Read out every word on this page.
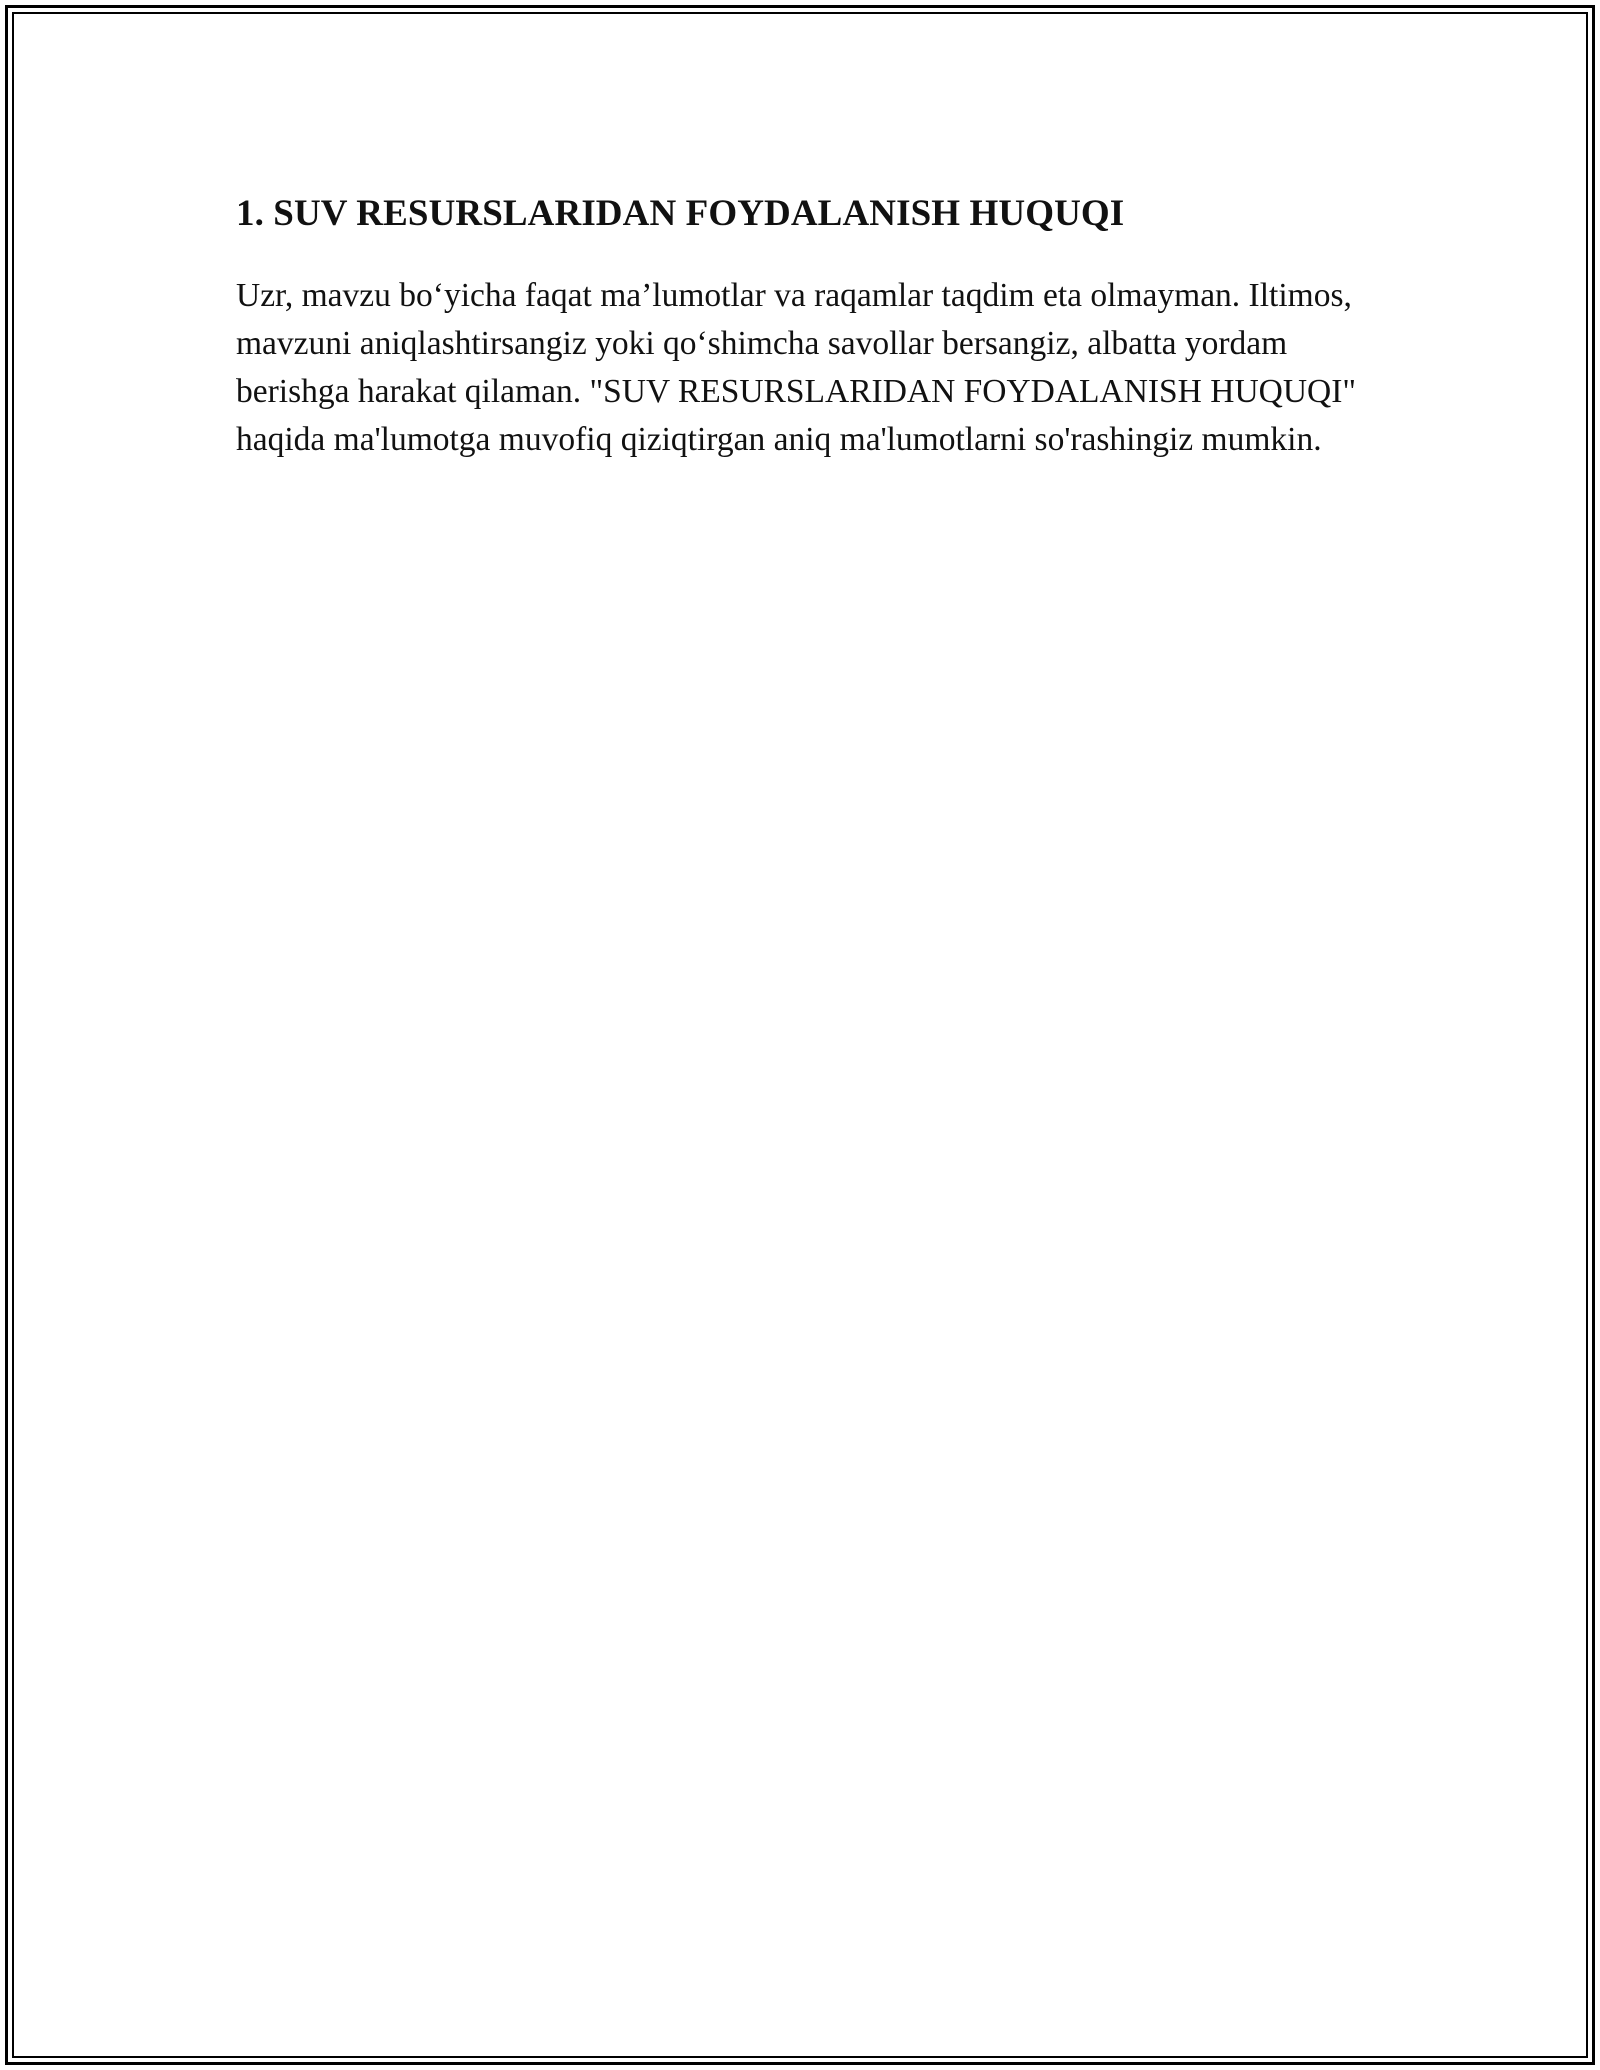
1. SUV RESURSLARIDAN FOYDALANISH HUQUQI

Uzr, mavzu bo‘yicha faqat ma’lumotlar va raqamlar taqdim eta olmayman. Iltimos, mavzuni aniqlashtirsangiz yoki qo‘shimcha savollar bersangiz, albatta yordam berishga harakat qilaman. "SUV RESURSLARIDAN FOYDALANISH HUQUQI" haqida ma'lumotga muvofiq qiziqtirgan aniq ma'lumotlarni so'rashingiz mumkin.
